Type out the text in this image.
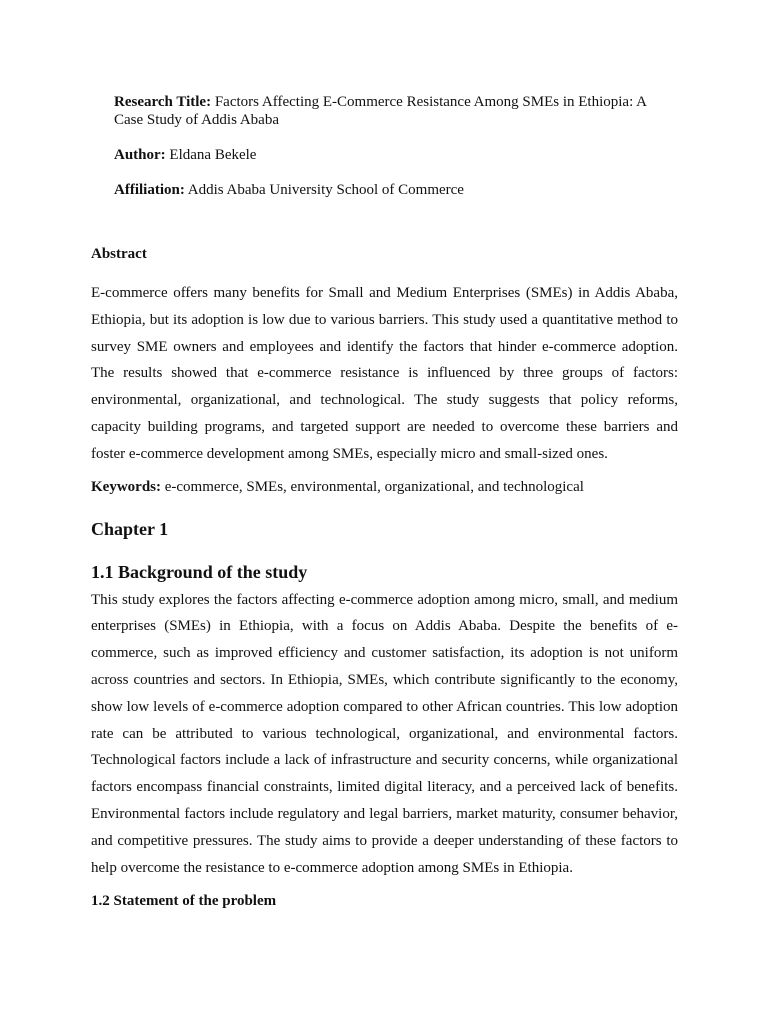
Research Title: Factors Affecting E-Commerce Resistance Among SMEs in Ethiopia: A Case Study of Addis Ababa

Author: Eldana Bekele

Affiliation: Addis Ababa University School of Commerce

Abstract

E-commerce offers many benefits for Small and Medium Enterprises (SMEs) in Addis Ababa, Ethiopia, but its adoption is low due to various barriers. This study used a quantitative method to survey SME owners and employees and identify the factors that hinder e-commerce adoption. The results showed that e-commerce resistance is influenced by three groups of factors: environmental, organizational, and technological. The study suggests that policy reforms, capacity building programs, and targeted support are needed to overcome these barriers and foster e-commerce development among SMEs, especially micro and small-sized ones.

Keywords: e-commerce, SMEs, environmental, organizational, and technological

Chapter 1
1.1 Background of the study

This study explores the factors affecting e-commerce adoption among micro, small, and medium enterprises (SMEs) in Ethiopia, with a focus on Addis Ababa. Despite the benefits of e-commerce, such as improved efficiency and customer satisfaction, its adoption is not uniform across countries and sectors. In Ethiopia, SMEs, which contribute significantly to the economy, show low levels of e-commerce adoption compared to other African countries. This low adoption rate can be attributed to various technological, organizational, and environmental factors. Technological factors include a lack of infrastructure and security concerns, while organizational factors encompass financial constraints, limited digital literacy, and a perceived lack of benefits. Environmental factors include regulatory and legal barriers, market maturity, consumer behavior, and competitive pressures. The study aims to provide a deeper understanding of these factors to help overcome the resistance to e-commerce adoption among SMEs in Ethiopia.

1.2 Statement of the problem
